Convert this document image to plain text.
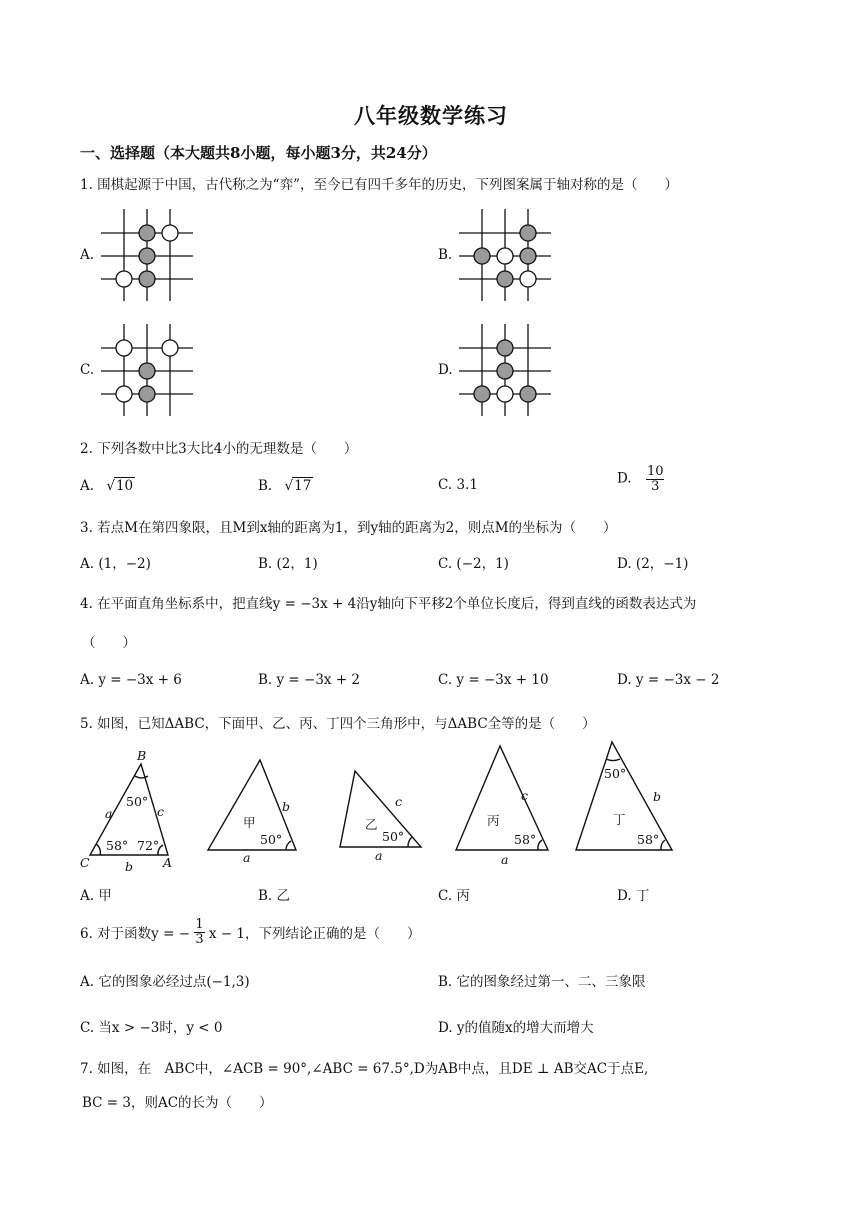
八年级数学练习
一、选择题（本大题共8小题，每小题3分，共24分）
1. 围棋起源于中国，古代称之为“弈”，至今已有四千多年的历史，下列图案属于轴对称的是（　　）
A.	B.
C.	D.
2. 下列各数中比3大比4小的无理数是（　　）
A. √10	B. √17	C. 3.1	D. $\frac{10}{3}$
3. 若点M在第四象限，且M到x轴的距离为1，到y轴的距离为2，则点M的坐标为（　　）
A. (1，−2)	B. (2，1)	C. (−2，1)	D. (2，−1)
4. 在平面直角坐标系中，把直线y = −3x + 4沿y轴向下平移2个单位长度后，得到直线的函数表达式为
（　　）
A. y = −3x + 6	B. y = −3x + 2	C. y = −3x + 10	D. y = −3x − 2
5. 如图，已知ΔABC，下面甲、乙、丙、丁四个三角形中，与ΔABC全等的是（　　）
B
a	c
50°
58° 72°
C	b A
甲
b
50°
a
乙
c
50°
a
丙
c
58°
a
丁
50°
b
58°
A. 甲	B. 乙	C. 丙	D. 丁
6. 对于函数y = − $\frac{1}{3}$ x − 1，下列结论正确的是（　　）
A. 它的图象必经过点(−1,3)	B. 它的图象经过第一、二、三象限
C. 当x > −3时，y < 0	D. y的值随x的增大而增大
7. 如图，在　ABC中，∠ACB = 90°,∠ABC = 67.5°,D为AB中点，且DE ⊥ AB交AC于点E,
BC = 3，则AC的长为（　　）
